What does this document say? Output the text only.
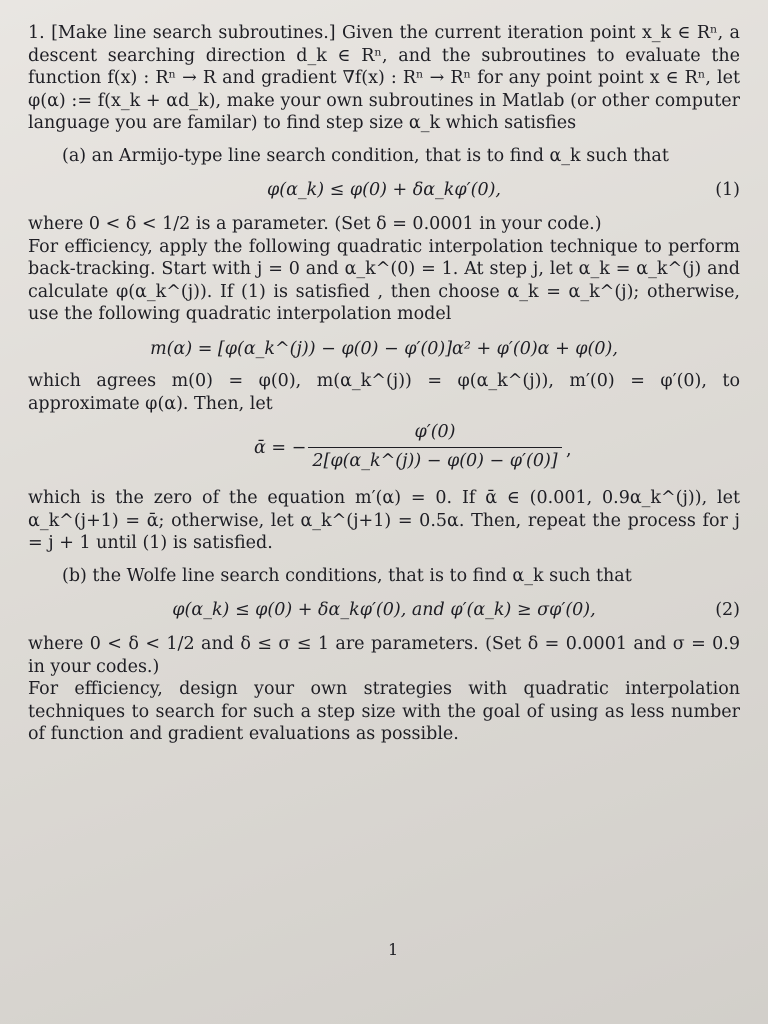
1. [Make line search subroutines.] Given the current iteration point x_k ∈ Rⁿ, a descent searching direction d_k ∈ Rⁿ, and the subroutines to evaluate the function f(x) : Rⁿ → R and gradient ∇f(x) : Rⁿ → Rⁿ for any point point x ∈ Rⁿ, let φ(α) := f(x_k + αd_k), make your own subroutines in Matlab (or other computer language you are familar) to find step size α_k which satisfies

(a) an Armijo-type line search condition, that is to find α_k such that

φ(α_k) ≤ φ(0) + δα_kφ′(0),	(1)

where 0 < δ < 1/2 is a parameter. (Set δ = 0.0001 in your code.)

For efficiency, apply the following quadratic interpolation technique to perform back-tracking. Start with j = 0 and α_k^(0) = 1. At step j, let α_k = α_k^(j) and calculate φ(α_k^(j)). If (1) is satisfied , then choose α_k = α_k^(j); otherwise, use the following quadratic interpolation model

m(α) = [φ(α_k^(j)) − φ(0) − φ′(0)]α² + φ′(0)α + φ(0),

which agrees m(0) = φ(0), m(α_k^(j)) = φ(α_k^(j)), m′(0) = φ′(0), to approximate φ(α). Then, let

ᾱ = − $\frac{\varphi'(0)}{2[\varphi(\alpha\_k\^{}(j)) - \varphi(0) - \varphi'(0)]}$ ,

which is the zero of the equation m′(α) = 0. If ᾱ ∈ (0.001, 0.9α_k^(j)), let α_k^(j+1) = ᾱ; otherwise, let α_k^(j+1) = 0.5α. Then, repeat the process for j = j + 1 until (1) is satisfied.

(b) the Wolfe line search conditions, that is to find α_k such that

φ(α_k) ≤ φ(0) + δα_kφ′(0), and φ′(α_k) ≥ σφ′(0),	(2)

where 0 < δ < 1/2 and δ ≤ σ ≤ 1 are parameters. (Set δ = 0.0001 and σ = 0.9 in your codes.)

For efficiency, design your own strategies with quadratic interpolation techniques to search for such a step size with the goal of using as less number of function and gradient evaluations as possible.

1
